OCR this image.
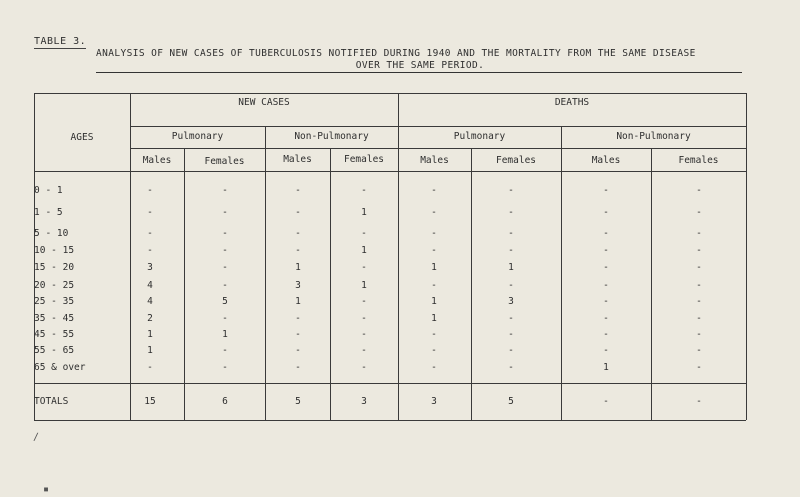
TABLE 3.
ANALYSIS OF NEW CASES OF TUBERCULOSIS NOTIFIED DURING 1940 AND THE MORTALITY FROM THE SAME DISEASE
OVER THE SAME PERIOD.
AGES
NEW CASES	DEATHS
Pulmonary	Non-Pulmonary	Pulmonary	Non-Pulmonary
Males	Females	Males	Females	Males	Females	Males	Females
0 - 1	-	-	-	-	-	-	-	-
1 - 5	-	-	-	1	-	-	-	-
5 - 10	-	-	-	-	-	-	-	-
10 - 15	-	-	-	1	-	-	-	-
15 - 20	3	-	1	-	1	1	-	-
20 - 25	4	-	3	1	-	-	-	-
25 - 35	4	5	1	-	1	3	-	-
35 - 45	2	-	-	-	1	-	-	-
45 - 55	1	1	-	-	-	-	-	-
55 - 65	1	-	-	-	-	-	-	-
65 & over	-	-	-	-	-	-	1	-
TOTALS	15	6	5	3	3	5	-	-
∕
▪
